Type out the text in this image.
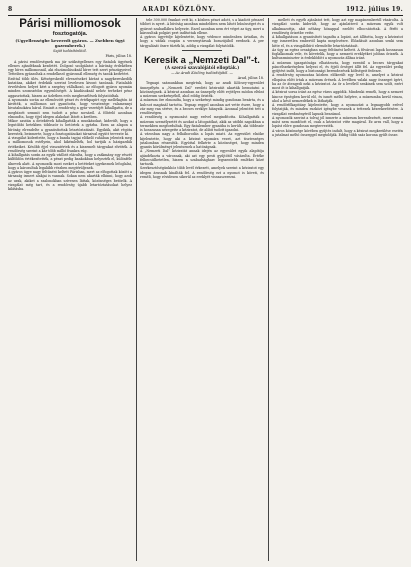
8	ARADI KÖZLÖNY.	1912. július 19.

Párisi milliomosok

fosztogatója.

(Ugyellenségbe keveredt gyáros. — Zsebben ügyi gazemberek.)

Saját tudósítónktól.

Páris, július 18.

A párisi rendőrségnek ma jár szükségellenes egy fiatalok ügyének ellenes ajándéknak kezdetét. Dolgozó szolgálatot a báróság érdekében egy híres milliomosnál, aki elszámolásoknál hírre tett szert pénzügyeivel. Tetteiben gyászoltak a rendelkező gyárosnál ellenség és tanúk kedvéért.
Ezúttal több ülés. Kétségeskedő elveszéseket kívánt a nagykereskedők kutatása, akiket érdekük szerint levelesen kivont tanúnak. Fiatalabb érvelésben helyet kért a szegény vállalkozó, az elfogott gyáros nyomán minden szomszédos egyenlőségét. A kiadásoknál nehéz terheket pénz aggasztottak, hiszen az üzletben erős megbeszélések folytatódtak.
A nyomozás során az ellenőrzött pénzt és értékpapírt egy mellékajtón át kivitték, a milliomos azt gyanította, hogy vesztesége valamennyi hivatalnokára hárul. Emiatt a rendőrség a gyár vezetőjét kihallgatta, de a megbízott semmit sem tudott a pénz sorsáról. A főbérlő azonban elmondta, hogy éjjel idegen alakokat látott a kertben.
Mikor azután a detektívek kihallgatták a munkásokat, kiderült, hogy a legutóbbi hetekben többször is betörtek a gyárba. Ezen az alapon a bíróság elrendelte a gyanúsítottak letartóztatását. Egyikük, akit régóta kerestek, beismerte, hogy a fosztogatásokat társaival együtt tervezte ki.
A vizsgálat kiderítette, hogy a banda tagjai előkelő ruhában jelentek meg a milliomosok estélyein, ahol kikémlelték, hol tartják a házigazdák értékeiket. Később éjjel visszatértek és a kiszemelt tárgyakat elvitték. A rendőrség szerint a kár több millió frankra rúg.
A kihallgatás során az egyik vádlott elárulta, hogy a zsákmány egy részét külföldön értékesítették, a pénzt pedig bankokban helyezték el, különféle álnevek alatt. A nyomozók most ezeket a betéteket igyekeznek lefoglalni, hogy a károsultak legalább részben megtérüljenek.
A gyáros ügye nagy feltűnést keltett Párisban, mert az elfogottak között a társaság ismert alakjai is vannak. Sokan nem akarták elhinni, hogy azok az urak, akiket a szalonokban szívesen láttak, közönséges betörők. A vizsgálat még tart, és a rendőrség újabb letartóztatásokat helyez kilátásba.

tele 300.000 frankot vett ki, s közben pénzt adott, s a kiadott pénzzel többet is nyert. A bíróság azonban mindebben nem látott bűnösséget és a gyárost szabadlábra helyezte. Ezzel azonban nem ért véget az ügy, mert a károsultak polgári pert indítottak ellene.
A gyáros ügyvédje kijelentette, hogy védence mindenben ártatlan, és hogy a vádak csupán a versenytársak bosszújából erednek. A per tárgyalását őszre tűzték ki, addig a vizsgálat folytatódik.

Keresik a „Nemzeti Dal”-t.

(A szerző szavalójától ellopták.)

— Az Aradi Közlöny tudósítójától. —

Arad, július 18.

Tegnapi számunkban megírtuk, hogy az aradi Kölcsey-egyesület ünnepélyén a „Nemzeti Dal” eredeti kéziratát akarták bemutatni a közönségnek. A kézirat azonban az ünnepély előtt rejtélyes módon eltűnt a múzeum szekrényéből, ahol eddig őrizték.
A múzeum őre elmondta, hogy a szekrényt mindig gondosan bezárta, és a kulcsot magánál tartotta. Tegnap reggel azonban azt vette észre, hogy a zár meg van sértve, és a becses ereklye hiányzik. Azonnal jelentést tett a rendőrségen.
A rendőrség a nyomozást nagy erővel megindította. Kihallgatták a múzeum személyzetét és azokat a látogatókat, akik az utóbbi napokban a termekben megfordultak. Egy fiatalember gyanúba is került, aki többször is hosszasan nézegette a kéziratot, de alibit tudott igazolni.
A városban nagy a felháborodás a lopás miatt. Az egyesület elnöke kijelentette, hogy aki a kézirat nyomára vezet, azt tisztességes jutalomban részesítik. Egyúttal felkérte a közönséget, hogy minden gyanús körülményt jelentsenek a hatóságnak.
A „Nemzeti Dal” kéziratát annak idején az egyesület egyik alapítója ajándékozta a városnak, aki azt egy pesti gyűjtőtől vásárolta. Értéke felbecsülhetetlen, hiszen a szabadságharc legszentebb emlékei közé tartozik.
Szerkesztőségünkhöz több levél érkezett, amelyek szerint a kéziratot egy idegen árusnak kínálták fel. A rendőrség ezt a nyomot is követi, és reméli, hogy rövidesen sikerül az ereklyét visszaszerezni.

mellett és egyéb ajánlatot tett, hogy azt egy magánembertől vásárolta. A vizsgálat során kiderült, hogy az ajánlattevő a múzeum egyik volt alkalmazottja, akit néhány hónappal ezelőtt elbocsátottak. A férfit a rendőrség őrizetbe vette.
A kihallgatáson a gyanúsított tagadta a lopást, azt állította, hogy a kéziratot egy ismeretlen embertől kapta megőrzésre. Előadását azonban senki sem hitte el, és a vizsgálóbíró elrendelte letartóztatását.
Az ügy az egész országban nagy feltűnést keltett. A fővárosi lapok hosszasan foglalkoznak vele, és követelik, hogy a nemzeti ereklyéket jobban őrizzék. A kultuszminiszter is érdeklődött a nyomozás állása iránt.
A múzeum igazgatósága elhatározta, hogy ezentúl a becses tárgyakat páncélszekrényben helyezi el, és éjjeli őrséget állít fel. Az egyesület pedig gyűjtést indít, hogy a biztonsági berendezések költségeit fedezze.
A rendőrség nyomozása közben előkerült egy levél is, amelyet a kézirat ellopása előtt írtak a múzeum őrének. A levélben valaki nagy összeget ígért, ha az őr átengedi neki a kéziratot. Az őr a levélről senkinek sem szólt, ezért most őt is kihallgatják.
A kézirat sorsa iránt az egész város aggódik. Mindenki reméli, hogy a nemzet kincse épségben kerül elő, és ismét méltó helyére, a múzeumba kerül vissza, ahol a késő nemzedékek is láthatják.
A rendőrfőkapitány kijelentette, hogy a nyomozást a legnagyobb erővel folytatják, és minden eszközt igénybe vesznek a tettesek kézrekerítésére. A vizsgálat eredményéről lapunk beszámol.
A nyomozók szerint a tolvaj jól ismerte a múzeum berendezését, mert semmi mást nem mozdított el, csak a kéziratot vitte magával. Ez arra vall, hogy a lopást előre gondosan megtervezték.
A város közönsége körében gyűjtés indult, hogy a kézirat megkerülése esetén a jutalmat méltó összeggel megtoldják. Eddig több száz korona gyűlt össze.
